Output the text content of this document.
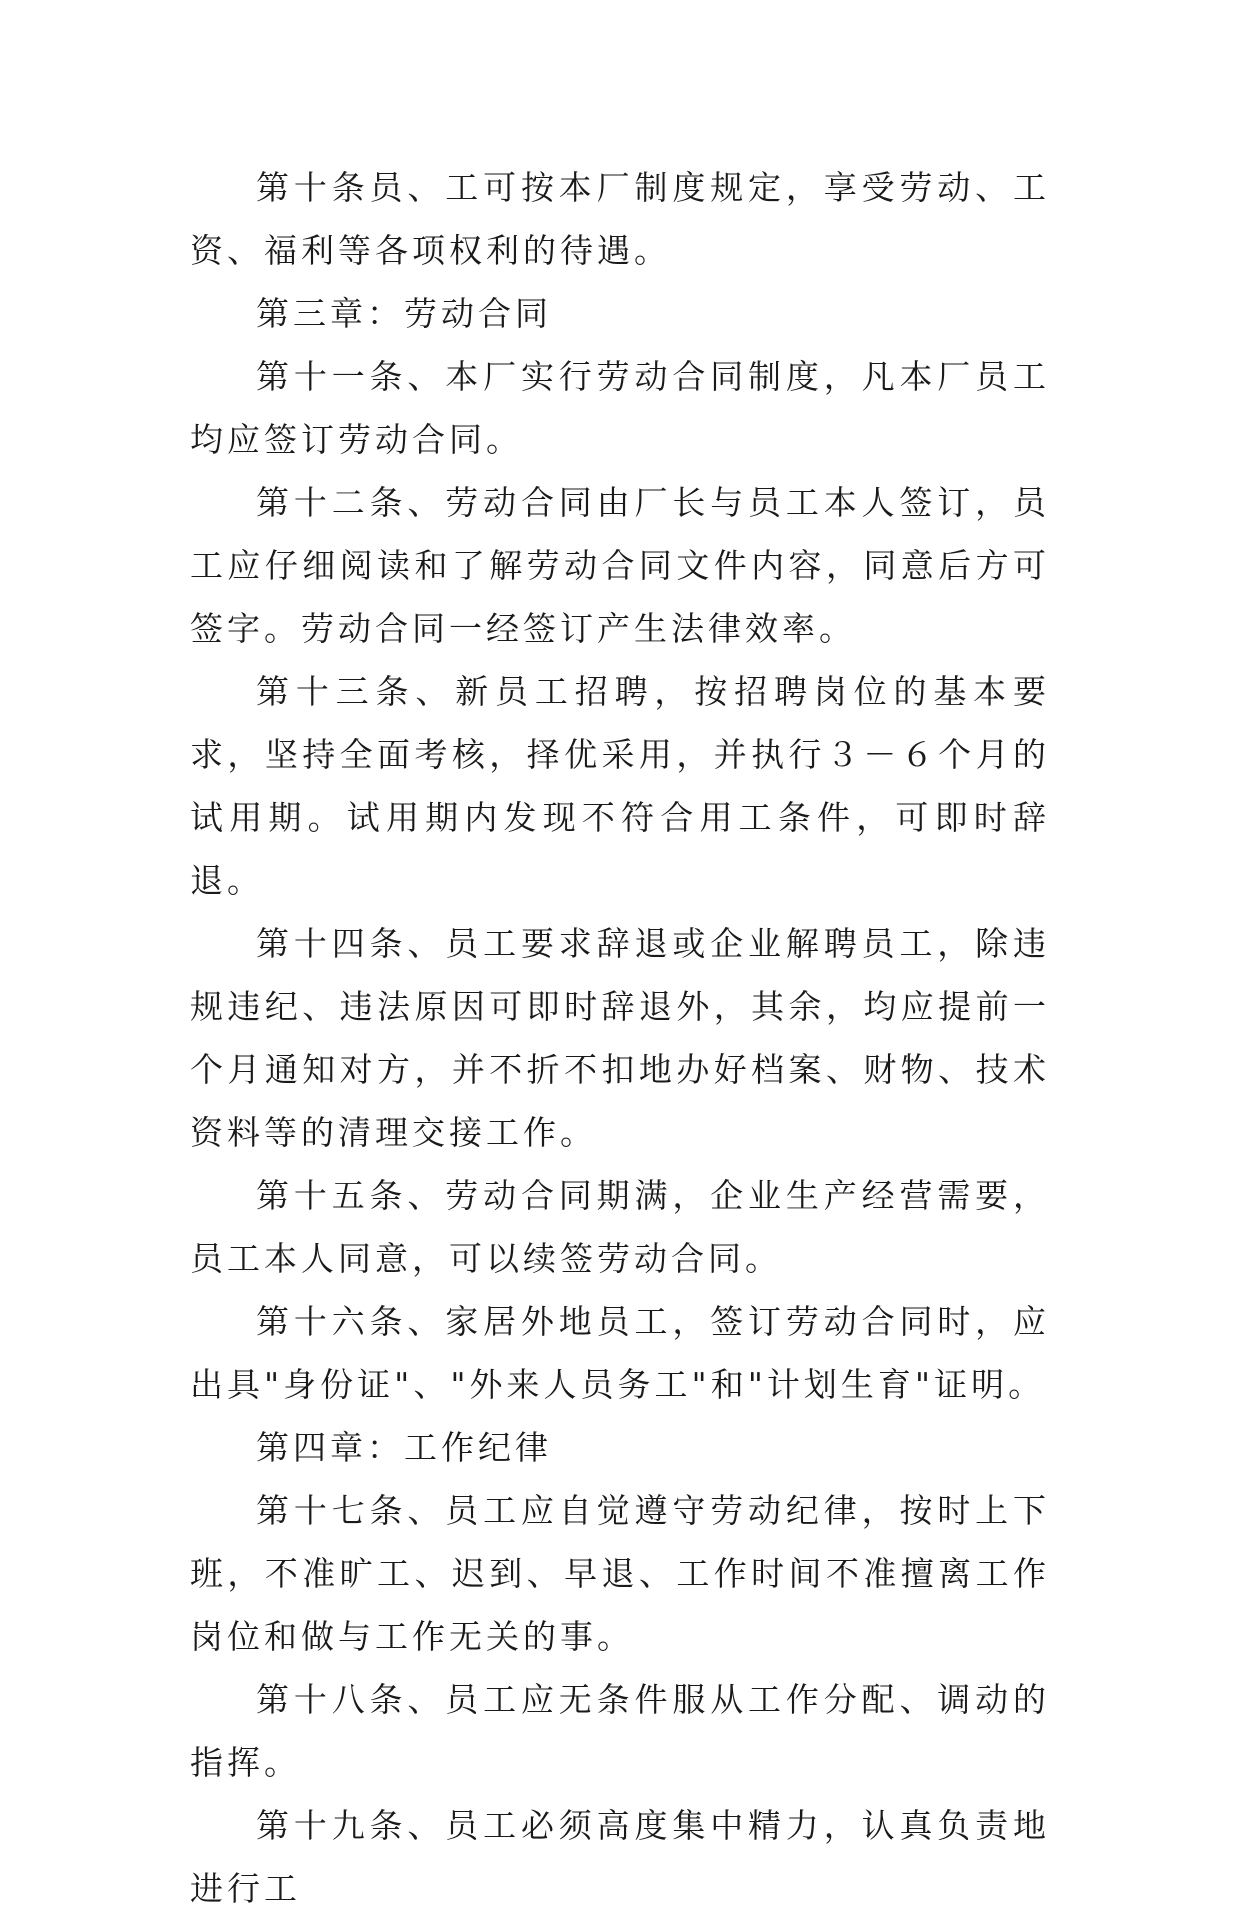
第十条员、工可按本厂制度规定，享受劳动、工资、福利等各项权利的待遇。

第三章：劳动合同

第十一条、本厂实行劳动合同制度，凡本厂员工均应签订劳动合同。

第十二条、劳动合同由厂长与员工本人签订，员工应仔细阅读和了解劳动合同文件内容，同意后方可签字。劳动合同一经签订产生法律效率。

第十三条、新员工招聘，按招聘岗位的基本要求，坚持全面考核，择优采用，并执行３－６个月的试用期。试用期内发现不符合用工条件，可即时辞退。

第十四条、员工要求辞退或企业解聘员工，除违规违纪、违法原因可即时辞退外，其余，均应提前一个月通知对方，并不折不扣地办好档案、财物、技术资料等的清理交接工作。

第十五条、劳动合同期满，企业生产经营需要，员工本人同意，可以续签劳动合同。

第十六条、家居外地员工，签订劳动合同时，应出具"身份证"、"外来人员务工"和"计划生育"证明。

第四章：工作纪律

第十七条、员工应自觉遵守劳动纪律，按时上下班，不准旷工、迟到、早退、工作时间不准擅离工作岗位和做与工作无关的事。

第十八条、员工应无条件服从工作分配、调动的指挥。

第十九条、员工必须高度集中精力，认真负责地进行工
